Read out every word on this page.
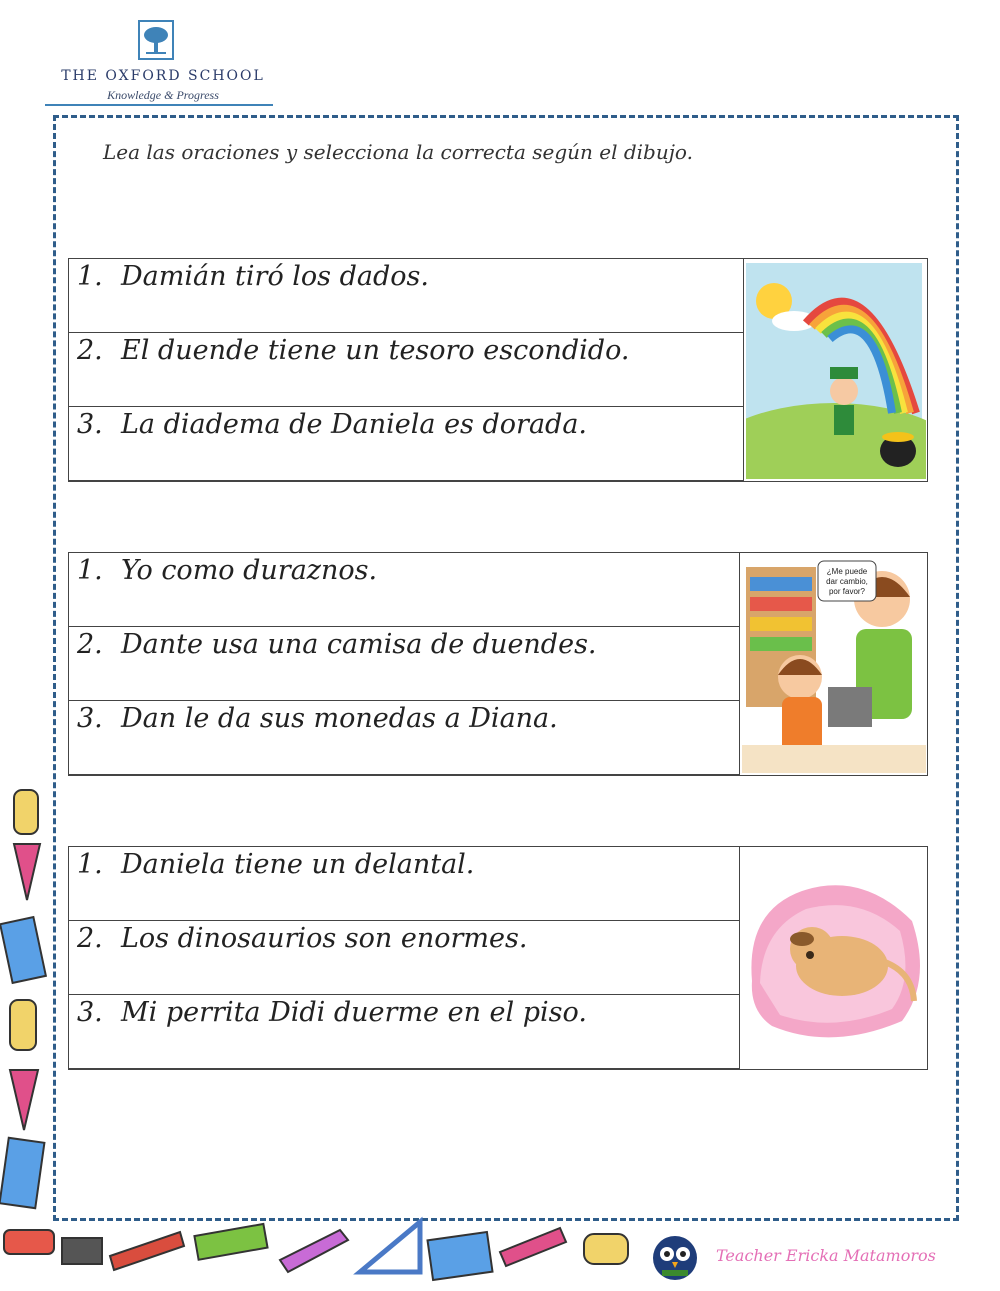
THE OXFORD SCHOOL
Knowledge & Progress
Lea las oraciones y selecciona la correcta según el dibujo.
1. Damián tiró los dados.
2. El duende tiene un tesoro escondido.
3. La diadema de Daniela es dorada.
1. Yo como duraznos.
2. Dante usa una camisa de duendes.
3. Dan le da sus monedas a Diana.
¿Me puede dar cambio, por favor?
1. Daniela tiene un delantal.
2. Los dinosaurios son enormes.
3. Mi perrita Didi duerme en el piso.
Teacher Ericka Matamoros
